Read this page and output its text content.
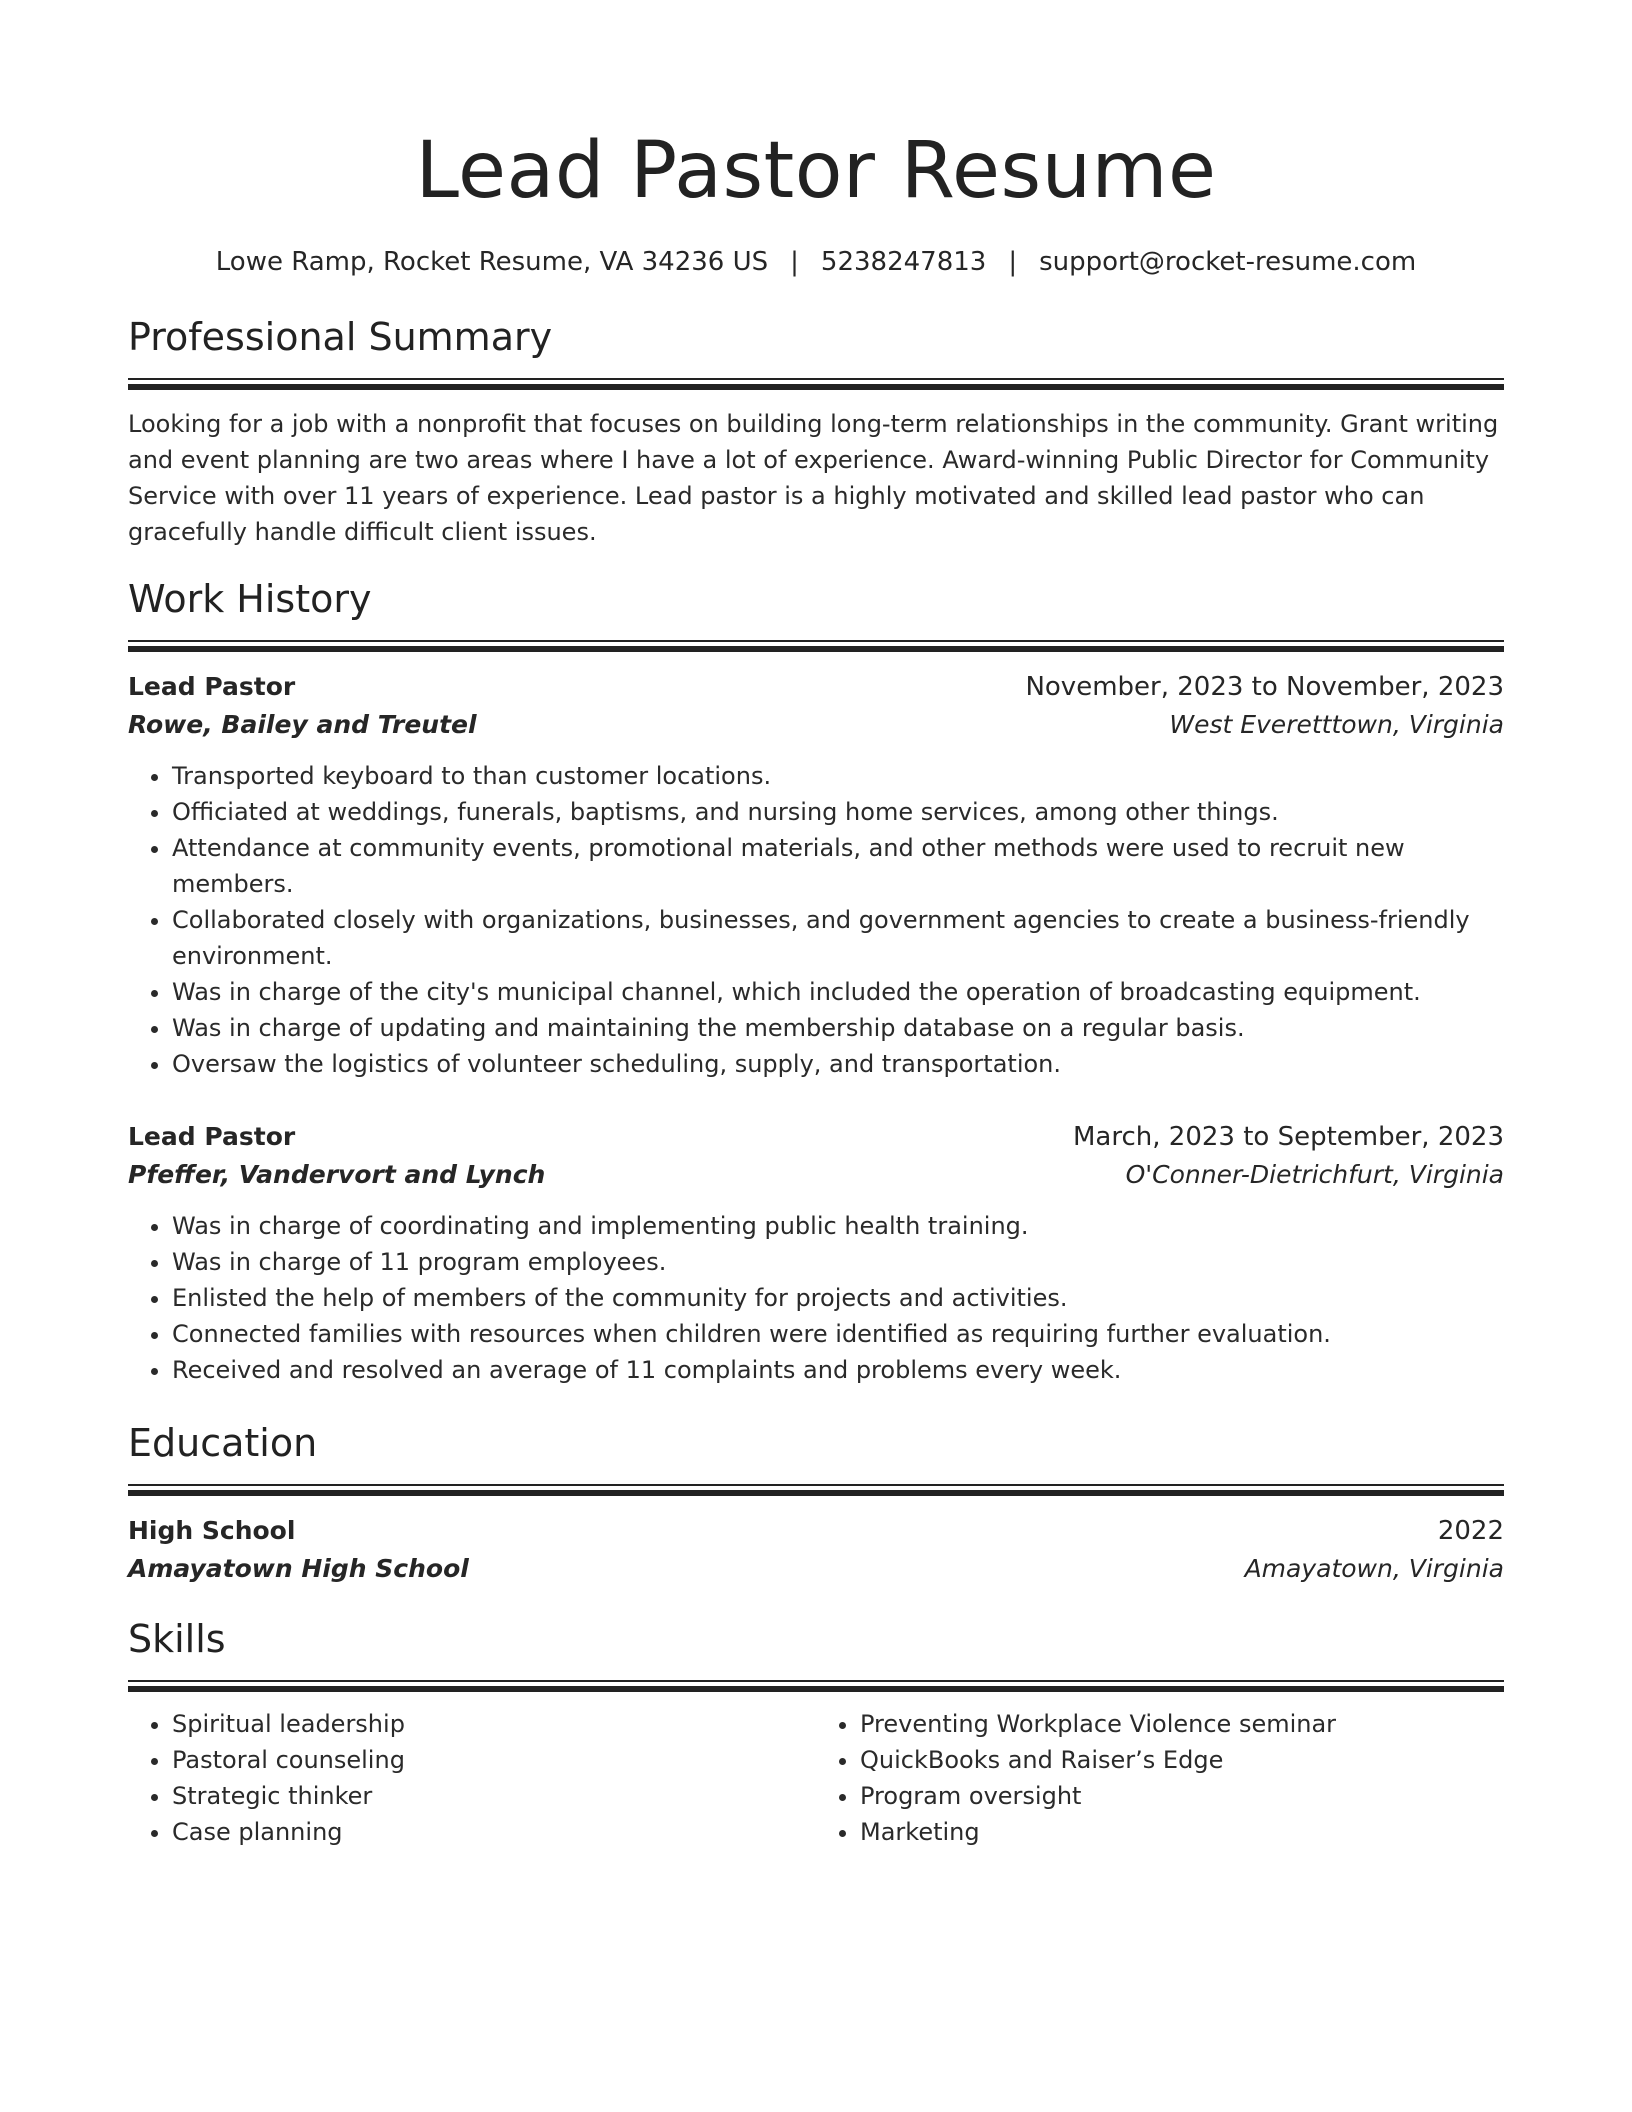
Lead Pastor Resume
Lowe Ramp, Rocket Resume, VA 34236 US | 5238247813 | support@rocket-resume.com
Professional Summary

Looking for a job with a nonprofit that focuses on building long-term relationships in the community. Grant writing and event planning are two areas where I have a lot of experience. Award-winning Public Director for Community Service with over 11 years of experience. Lead pastor is a highly motivated and skilled lead pastor who can gracefully handle difficult client issues.

Work History
Lead Pastor	November, 2023 to November, 2023
Rowe, Bailey and Treutel	West Everetttown, Virginia
• Transported keyboard to than customer locations.
• Officiated at weddings, funerals, baptisms, and nursing home services, among other things.
• Attendance at community events, promotional materials, and other methods were used to recruit new members.
• Collaborated closely with organizations, businesses, and government agencies to create a business-friendly environment.
• Was in charge of the city's municipal channel, which included the operation of broadcasting equipment.
• Was in charge of updating and maintaining the membership database on a regular basis.
• Oversaw the logistics of volunteer scheduling, supply, and transportation.
Lead Pastor	March, 2023 to September, 2023
Pfeffer, Vandervort and Lynch	O'Conner-Dietrichfurt, Virginia
• Was in charge of coordinating and implementing public health training.
• Was in charge of 11 program employees.
• Enlisted the help of members of the community for projects and activities.
• Connected families with resources when children were identified as requiring further evaluation.
• Received and resolved an average of 11 complaints and problems every week.
Education
High School	2022
Amayatown High School	Amayatown, Virginia
Skills
• Spiritual leadership
• Pastoral counseling
• Strategic thinker
• Case planning
• Preventing Workplace Violence seminar
• QuickBooks and Raiser’s Edge
• Program oversight
• Marketing
